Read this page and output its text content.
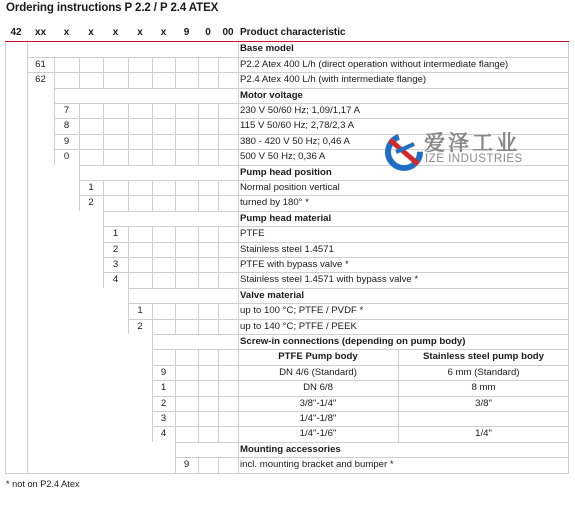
Ordering instructions P 2.2 / P 2.4 ATEX
42	xx	x	x	x	x	x	9	0	00 Product characteristic
Base model
61	P2.2 Atex 400 L/h (direct operation without intermediate flange)
62	P2.4 Atex 400 L/h (with intermediate flange)
Motor voltage
7	230 V 50/60 Hz; 1,09/1,17 A
8	115 V 50/60 Hz; 2,78/2,3 A
9	380 - 420 V 50 Hz; 0,46 A
0	500 V 50 Hz; 0,36 A
Pump head position
1	Normal position vertical
2	turned by 180° *
Pump head material
1	PTFE
2	Stainless steel 1.4571
3	PTFE with bypass valve *
4	Stainless steel 1.4571 with bypass valve *
Valve material
1	up to 100 °C; PTFE / PVDF *
2	up to 140 °C; PTFE / PEEK
Screw-in connections (depending on pump body)
PTFE Pump body	Stainless steel pump body
9	DN 4/6 (Standard)	6 mm (Standard)
1	DN 6/8	8 mm
2	3/8"-1/4"	3/8"
3	1/4"-1/8"
4	1/4"-1/6"	1/4"
Mounting accessories
9	incl. mounting bracket and bumper *
爱泽工业
IZE INDUSTRIES
* not on P2.4 Atex
